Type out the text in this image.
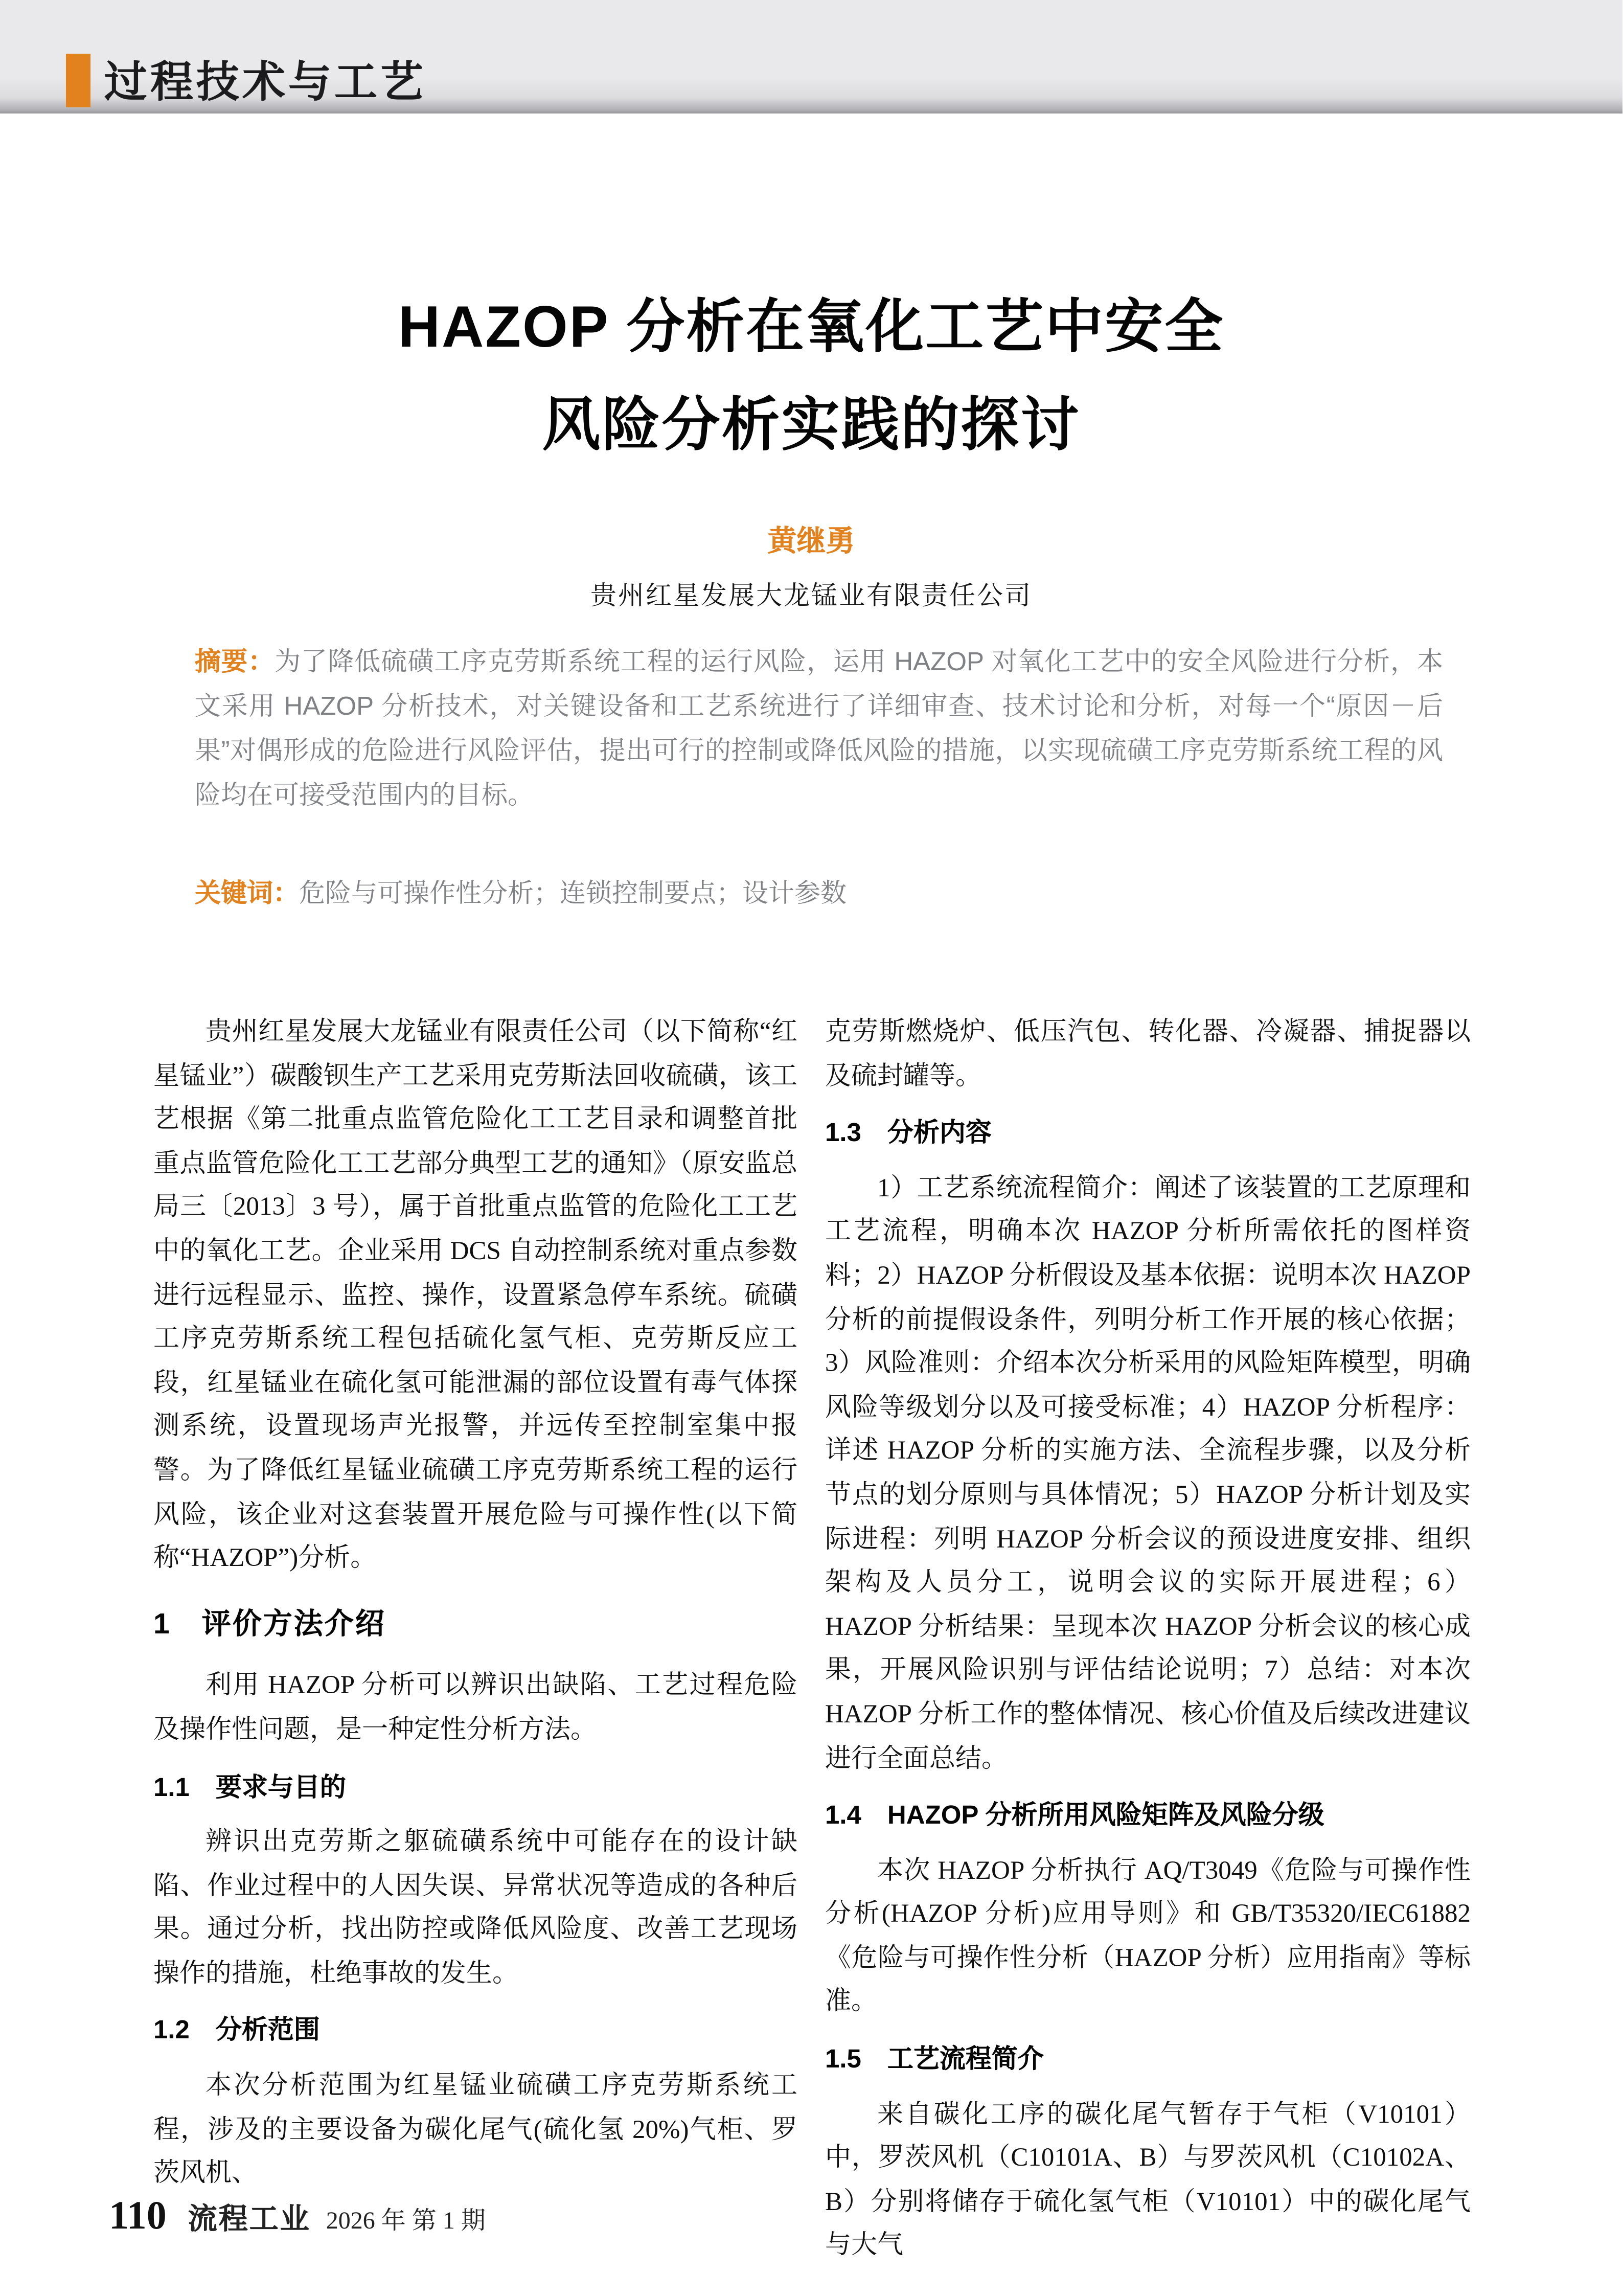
过程技术与工艺
HAZOP 分析在氧化工艺中安全
风险分析实践的探讨
黄继勇
贵州红星发展大龙锰业有限责任公司
摘要：为了降低硫磺工序克劳斯系统工程的运行风险，运用 HAZOP 对氧化工艺中的安全风险进行分析，本文采用 HAZOP 分析技术，对关键设备和工艺系统进行了详细审查、技术讨论和分析，对每一个“原因－后果”对偶形成的危险进行风险评估，提出可行的控制或降低风险的措施，以实现硫磺工序克劳斯系统工程的风险均在可接受范围内的目标。
关键词：危险与可操作性分析；连锁控制要点；设计参数

贵州红星发展大龙锰业有限责任公司（以下简称“红星锰业”）碳酸钡生产工艺采用克劳斯法回收硫磺，该工艺根据《第二批重点监管危险化工工艺目录和调整首批重点监管危险化工工艺部分典型工艺的通知》（原安监总局三〔2013〕3 号），属于首批重点监管的危险化工工艺中的氧化工艺。企业采用 DCS 自动控制系统对重点参数进行远程显示、监控、操作，设置紧急停车系统。硫磺工序克劳斯系统工程包括硫化氢气柜、克劳斯反应工段，红星锰业在硫化氢可能泄漏的部位设置有毒气体探测系统，设置现场声光报警，并远传至控制室集中报警。为了降低红星锰业硫磺工序克劳斯系统工程的运行风险，该企业对这套装置开展危险与可操作性(以下简称“HAZOP”)分析。

1　评价方法介绍

利用 HAZOP 分析可以辨识出缺陷、工艺过程危险及操作性问题，是一种定性分析方法。

1.1　要求与目的

辨识出克劳斯之躯硫磺系统中可能存在的设计缺陷、作业过程中的人因失误、异常状况等造成的各种后果。通过分析，找出防控或降低风险度、改善工艺现场操作的措施，杜绝事故的发生。

1.2　分析范围

本次分析范围为红星锰业硫磺工序克劳斯系统工程，涉及的主要设备为碳化尾气(硫化氢 20%)气柜、罗茨风机、

克劳斯燃烧炉、低压汽包、转化器、冷凝器、捕捉器以及硫封罐等。

1.3　分析内容

1）工艺系统流程简介：阐述了该装置的工艺原理和工艺流程，明确本次 HAZOP 分析所需依托的图样资料；2）HAZOP 分析假设及基本依据：说明本次 HAZOP 分析的前提假设条件，列明分析工作开展的核心依据；3）风险准则：介绍本次分析采用的风险矩阵模型，明确风险等级划分以及可接受标准；4）HAZOP 分析程序：详述 HAZOP 分析的实施方法、全流程步骤，以及分析节点的划分原则与具体情况；5）HAZOP 分析计划及实际进程：列明 HAZOP 分析会议的预设进度安排、组织架构及人员分工，说明会议的实际开展进程；6）HAZOP 分析结果：呈现本次 HAZOP 分析会议的核心成果，开展风险识别与评估结论说明；7）总结：对本次 HAZOP 分析工作的整体情况、核心价值及后续改进建议进行全面总结。

1.4　HAZOP 分析所用风险矩阵及风险分级

本次 HAZOP 分析执行 AQ/T3049《危险与可操作性分析(HAZOP 分析)应用导则》和 GB/T35320/IEC61882《危险与可操作性分析（HAZOP 分析）应用指南》等标准。

1.5　工艺流程简介

来自碳化工序的碳化尾气暂存于气柜（V10101）中，罗茨风机（C10101A、B）与罗茨风机（C10102A、B）分别将储存于硫化氢气柜（V10101）中的碳化尾气与大气

110 流程工业 2026 年 第 1 期
